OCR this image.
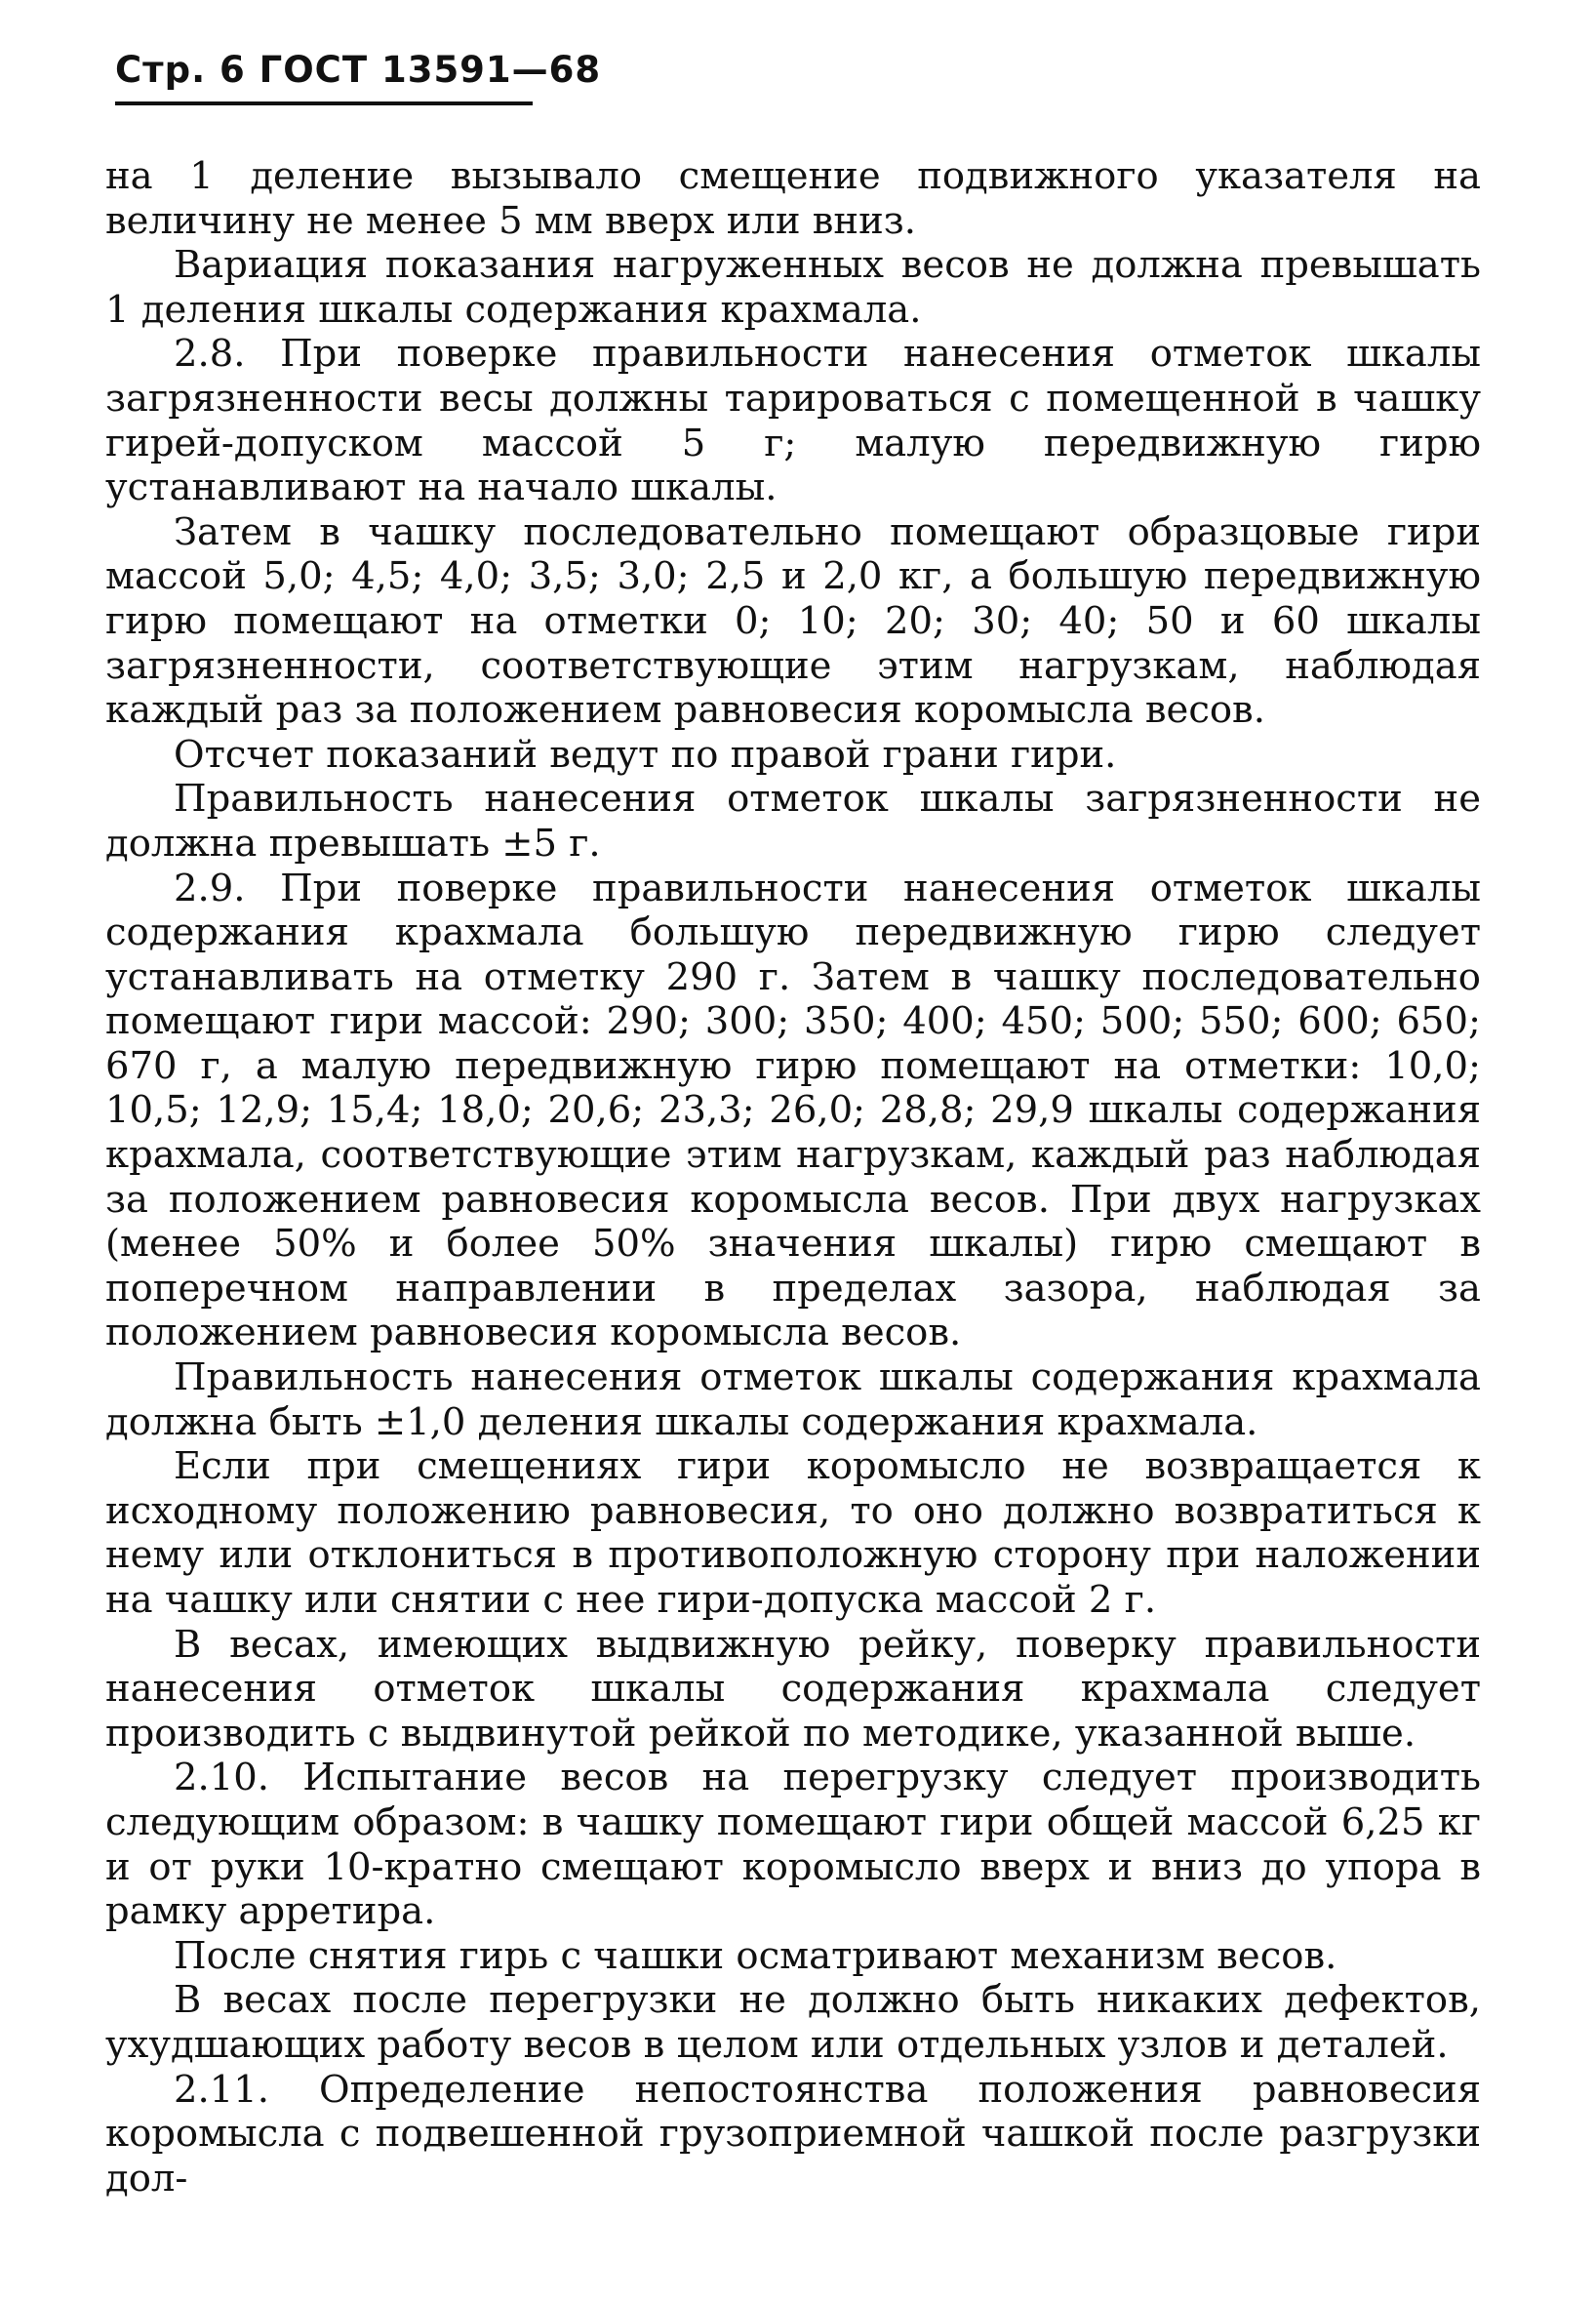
Стр. 6 ГОСТ 13591—68

на 1 деление вызывало смещение подвижного указателя на величину не менее 5 мм вверх или вниз.

Вариация показания нагруженных весов не должна превышать 1 деления шкалы содержания крахмала.

2.8. При поверке правильности нанесения отметок шкалы загрязненности весы должны тарироваться с помещенной в чашку гирей-допуском массой 5 г; малую передвижную гирю устанавливают на начало шкалы.

Затем в чашку последовательно помещают образцовые гири массой 5,0; 4,5; 4,0; 3,5; 3,0; 2,5 и 2,0 кг, а большую передвижную гирю помещают на отметки 0; 10; 20; 30; 40; 50 и 60 шкалы загрязненности, соответствующие этим нагрузкам, наблюдая каждый раз за положением равновесия коромысла весов.

Отсчет показаний ведут по правой грани гири.

Правильность нанесения отметок шкалы загрязненности не должна превышать ±5 г.

2.9. При поверке правильности нанесения отметок шкалы содержания крахмала большую передвижную гирю следует устанавливать на отметку 290 г. Затем в чашку последовательно помещают гири массой: 290; 300; 350; 400; 450; 500; 550; 600; 650; 670 г, а малую передвижную гирю помещают на отметки: 10,0; 10,5; 12,9; 15,4; 18,0; 20,6; 23,3; 26,0; 28,8; 29,9 шкалы содержания крахмала, соответствующие этим нагрузкам, каждый раз наблюдая за положением равновесия коромысла весов. При двух нагрузках (менее 50% и более 50% значения шкалы) гирю смещают в поперечном направлении в пределах зазора, наблюдая за положением равновесия коромысла весов.

Правильность нанесения отметок шкалы содержания крахмала должна быть ±1,0 деления шкалы содержания крахмала.

Если при смещениях гири коромысло не возвращается к исходному положению равновесия, то оно должно возвратиться к нему или отклониться в противоположную сторону при наложении на чашку или снятии с нее гири-допуска массой 2 г.

В весах, имеющих выдвижную рейку, поверку правильности нанесения отметок шкалы содержания крахмала следует производить с выдвинутой рейкой по методике, указанной выше.

2.10. Испытание весов на перегрузку следует производить следующим образом: в чашку помещают гири общей массой 6,25 кг и от руки 10-кратно смещают коромысло вверх и вниз до упора в рамку арретира.

После снятия гирь с чашки осматривают механизм весов.

В весах после перегрузки не должно быть никаких дефектов, ухудшающих работу весов в целом или отдельных узлов и деталей.

2.11. Определение непостоянства положения равновесия коромысла с подвешенной грузоприемной чашкой после разгрузки дол-
